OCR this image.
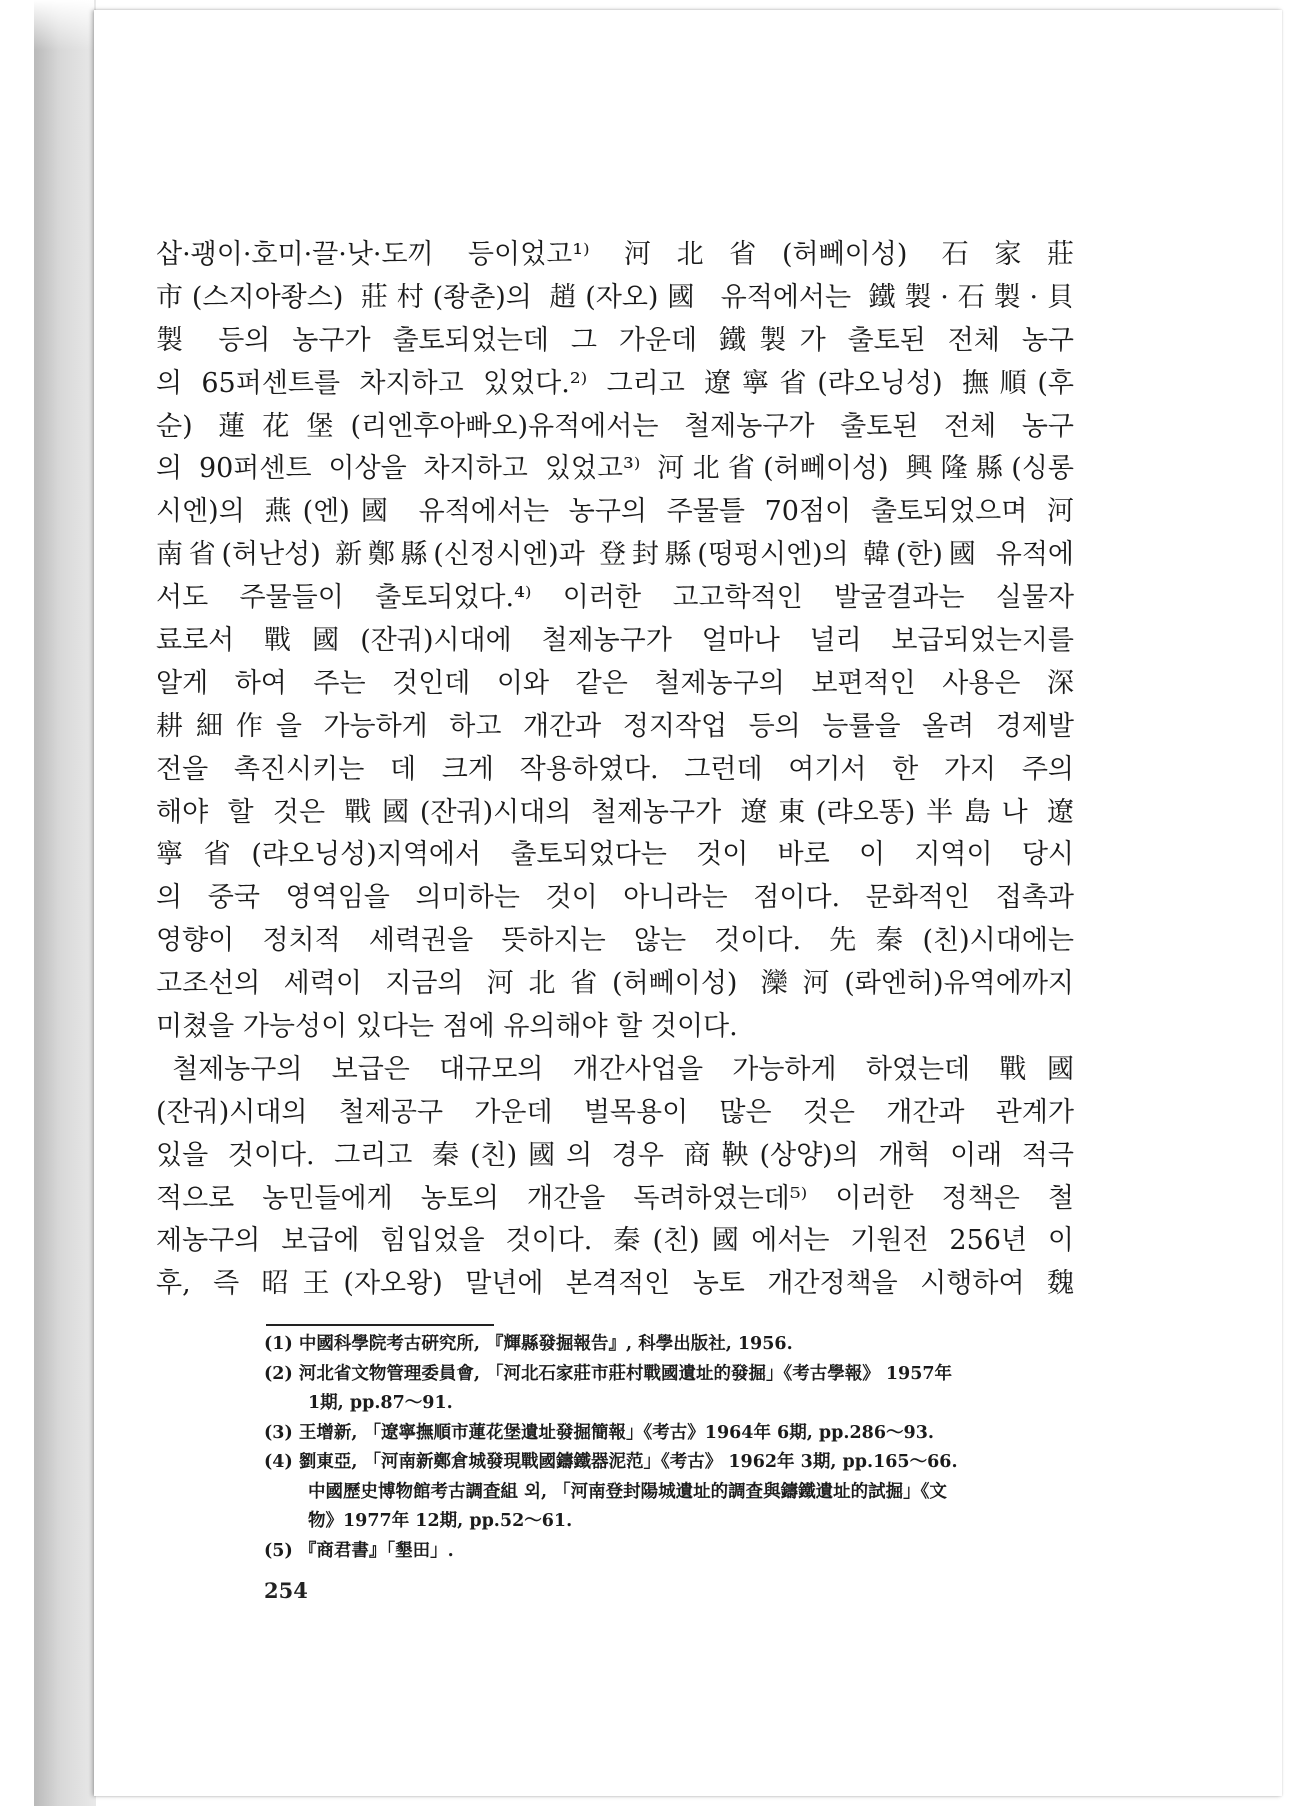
삽·괭이·호미·끌·낫·도끼 등이었고¹⁾ 河北省(허뻬이성) 石家莊
市(스지아좡스) 莊村(좡춘)의 趙(자오)國 유적에서는 鐵製·石製·貝
製 등의 농구가 출토되었는데 그 가운데 鐵製가 출토된 전체 농구
의 65퍼센트를 차지하고 있었다.²⁾ 그리고 遼寧省(랴오닝성) 撫順(후
순) 蓮花堡(리엔후아빠오)유적에서는 철제농구가 출토된 전체 농구
의 90퍼센트 이상을 차지하고 있었고³⁾ 河北省(허뻬이성) 興隆縣(싱롱
시엔)의 燕(엔)國 유적에서는 농구의 주물틀 70점이 출토되었으며 河
南省(허난성) 新鄭縣(신정시엔)과 登封縣(떵펑시엔)의 韓(한)國 유적에
서도 주물들이 출토되었다.⁴⁾ 이러한 고고학적인 발굴결과는 실물자
료로서 戰國(잔궈)시대에 철제농구가 얼마나 널리 보급되었는지를
알게 하여 주는 것인데 이와 같은 철제농구의 보편적인 사용은 深
耕細作을 가능하게 하고 개간과 정지작업 등의 능률을 올려 경제발
전을 촉진시키는 데 크게 작용하였다. 그런데 여기서 한 가지 주의
해야 할 것은 戰國(잔궈)시대의 철제농구가 遼東(랴오똥)半島나 遼
寧省(랴오닝성)지역에서 출토되었다는 것이 바로 이 지역이 당시
의 중국 영역임을 의미하는 것이 아니라는 점이다. 문화적인 접촉과
영향이 정치적 세력권을 뜻하지는 않는 것이다. 先秦(친)시대에는
고조선의 세력이 지금의 河北省(허뻬이성) 灤河(롸엔허)유역에까지
미쳤을 가능성이 있다는 점에 유의해야 할 것이다.
철제농구의 보급은 대규모의 개간사업을 가능하게 하였는데 戰國
(잔궈)시대의 철제공구 가운데 벌목용이 많은 것은 개간과 관계가
있을 것이다. 그리고 秦(친)國의 경우 商鞅(상양)의 개혁 이래 적극
적으로 농민들에게 농토의 개간을 독려하였는데⁵⁾ 이러한 정책은 철
제농구의 보급에 힘입었을 것이다. 秦(친)國에서는 기원전 256년 이
후, 즉 昭王(자오왕) 말년에 본격적인 농토 개간정책을 시행하여 魏
(1) 中國科學院考古硏究所, 『輝縣發掘報告』, 科學出版社, 1956.
(2) 河北省文物管理委員會, 「河北石家莊市莊村戰國遺址的發掘」《考古學報》 1957年
1期, pp.87～91.
(3) 王增新, 「遼寧撫順市蓮花堡遺址發掘簡報」《考古》1964年 6期, pp.286～93.
(4) 劉東亞, 「河南新鄭倉城發現戰國鑄鐵器泥范」《考古》 1962年 3期, pp.165～66.
中國歷史博物館考古調査組 외, 「河南登封陽城遺址的調査與鑄鐵遺址的試掘」《文
物》1977年 12期, pp.52～61.
(5) 『商君書』「墾田」.
254
